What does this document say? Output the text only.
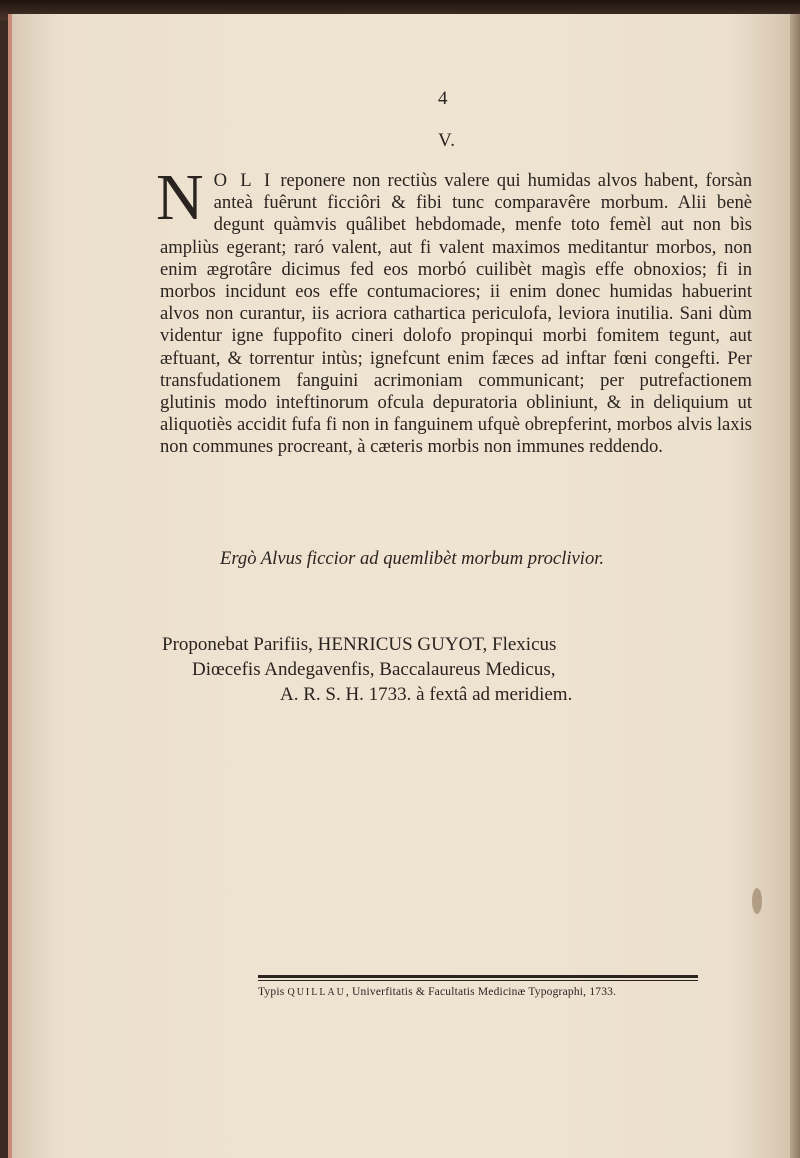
4
V.
N O L I reponere non rectiùs valere qui humidas alvos habent, forsàn anteà fuêrunt ficciôri & fibi tunc comparavêre morbum. Alii benè degunt quàmvis quâlibet hebdomade, menfe toto femèl aut non bìs ampliùs egerant; raró valent, aut fi valent maximos meditantur morbos, non enim ægrotâre dicimus fed eos morbó cuilibèt magìs effe obnoxios; fi in morbos incidunt eos effe contumaciores; ii enim donec humidas habuerint alvos non curantur, iis acriora cathartica periculofa, leviora inutilia. Sani dùm videntur igne fuppofito cineri dolofo propinqui morbi fomitem tegunt, aut æftuant, & torrentur intùs; ignefcunt enim fæces ad inftar fœni congefti. Per transfudationem fanguini acrimoniam communicant; per putrefactionem glutinis modo inteftinorum ofcula depuratoria obliniunt, & in deliquium ut aliquotiès accidit fufa fi non in fanguinem ufquè obrepferint, morbos alvis laxis non communes procreant, à cæteris morbis non immunes reddendo.
Ergò Alvus ficcior ad quemlibèt morbum proclivior.
Proponebat Parifiis, HENRICUS GUYOT, Flexicus
Diœcefis Andegavenfis, Baccalaureus Medicus,
A. R. S. H. 1733. à fextâ ad meridiem.
Typis QUILLAU, Univerfitatis & Facultatis Medicinæ Typographi, 1733.
